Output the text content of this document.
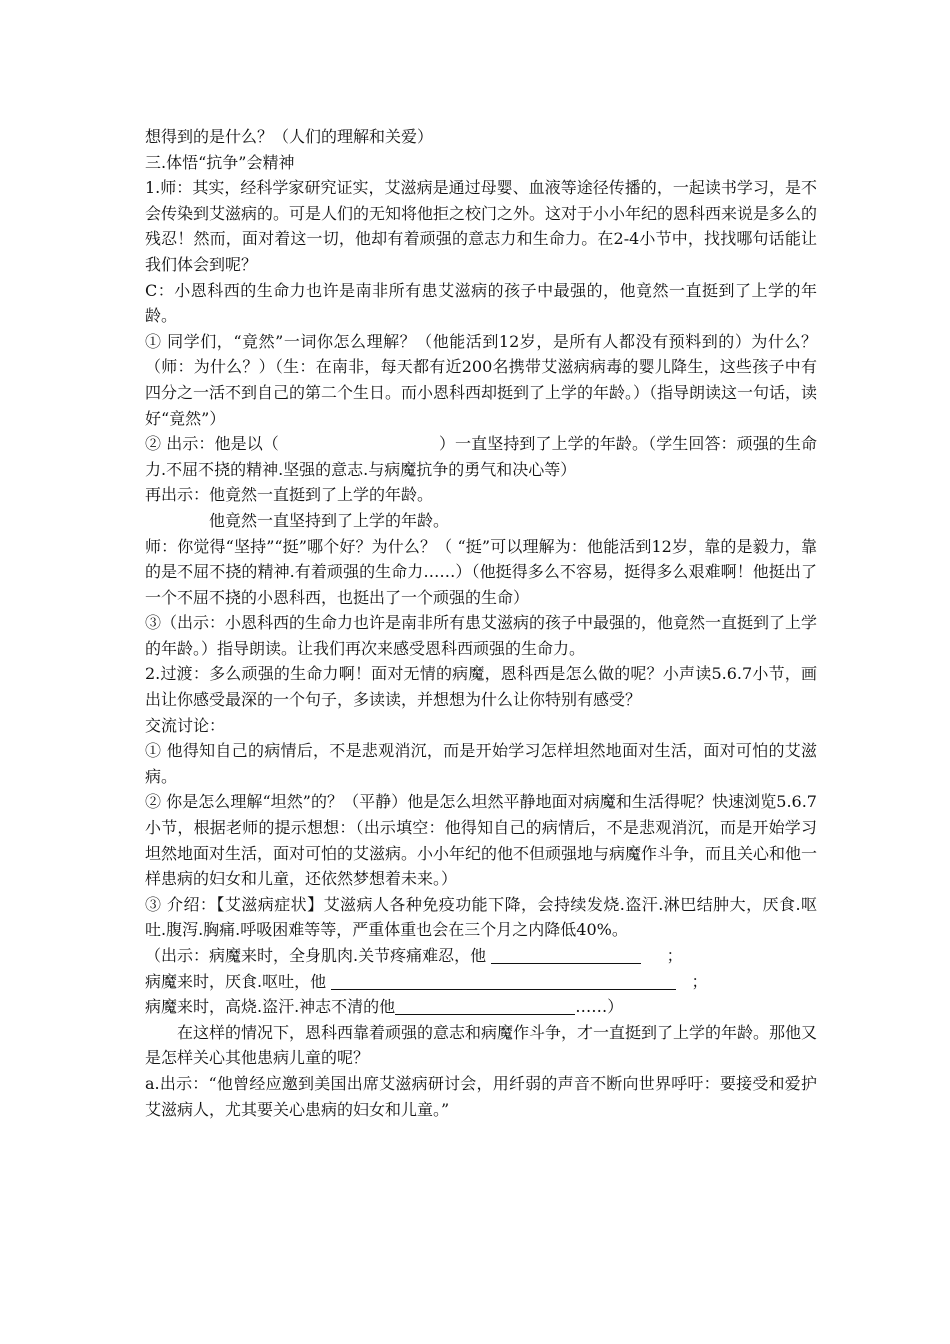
想得到的是什么？（人们的理解和关爱）

三.体悟“抗争”会精神

1.师：其实，经科学家研究证实，艾滋病是通过母婴、血液等途径传播的，一起读书学习，是不会传染到艾滋病的。可是人们的无知将他拒之校门之外。这对于小小年纪的恩科西来说是多么的残忍！然而，面对着这一切，他却有着顽强的意志力和生命力。在2-4小节中，找找哪句话能让我们体会到呢？

C：小恩科西的生命力也许是南非所有患艾滋病的孩子中最强的，他竟然一直挺到了上学的年龄。

① 同学们，“竟然”一词你怎么理解？（他能活到12岁，是所有人都没有预料到的）为什么？（师：为什么？）（生：在南非，每天都有近200名携带艾滋病病毒的婴儿降生，这些孩子中有四分之一活不到自己的第二个生日。而小恩科西却挺到了上学的年龄。）（指导朗读这一句话，读好“竟然”）

② 出示：他是以（	）一直坚持到了上学的年龄。（学生回答：顽强的生命力.不屈不挠的精神.坚强的意志.与病魔抗争的勇气和决心等）

再出示：他竟然一直挺到了上学的年龄。

他竟然一直坚持到了上学的年龄。

师：你觉得“坚持”“挺”哪个好？为什么？（ “挺”可以理解为：他能活到12岁，靠的是毅力，靠的是不屈不挠的精神.有着顽强的生命力……）（他挺得多么不容易，挺得多么艰难啊！他挺出了一个不屈不挠的小恩科西，也挺出了一个顽强的生命）

③（出示：小恩科西的生命力也许是南非所有患艾滋病的孩子中最强的，他竟然一直挺到了上学的年龄。）指导朗读。让我们再次来感受恩科西顽强的生命力。

2.过渡：多么顽强的生命力啊！面对无情的病魔，恩科西是怎么做的呢？小声读5.6.7小节，画出让你感受最深的一个句子，多读读，并想想为什么让你特别有感受？

交流讨论：

① 他得知自己的病情后，不是悲观消沉，而是开始学习怎样坦然地面对生活，面对可怕的艾滋病。

② 你是怎么理解“坦然”的？（平静）他是怎么坦然平静地面对病魔和生活得呢？快速浏览5.6.7小节，根据老师的提示想想：（出示填空：他得知自己的病情后，不是悲观消沉，而是开始学习坦然地面对生活，面对可怕的艾滋病。小小年纪的他不但顽强地与病魔作斗争，而且关心和他一样患病的妇女和儿童，还依然梦想着未来。）

③ 介绍：【艾滋病症状】艾滋病人各种免疫功能下降，会持续发烧.盗汗.淋巴结肿大，厌食.呕吐.腹泻.胸痛.呼吸困难等等，严重体重也会在三个月之内降低40%。

（出示：病魔来时，全身肌肉.关节疼痛难忍，他	；

病魔来时，厌食.呕吐，他	；

病魔来时，高烧.盗汗.神志不清的他	……）

在这样的情况下，恩科西靠着顽强的意志和病魔作斗争，才一直挺到了上学的年龄。那他又是怎样关心其他患病儿童的呢？

a.出示：“他曾经应邀到美国出席艾滋病研讨会，用纤弱的声音不断向世界呼吁：要接受和爱护艾滋病人，尤其要关心患病的妇女和儿童。”
